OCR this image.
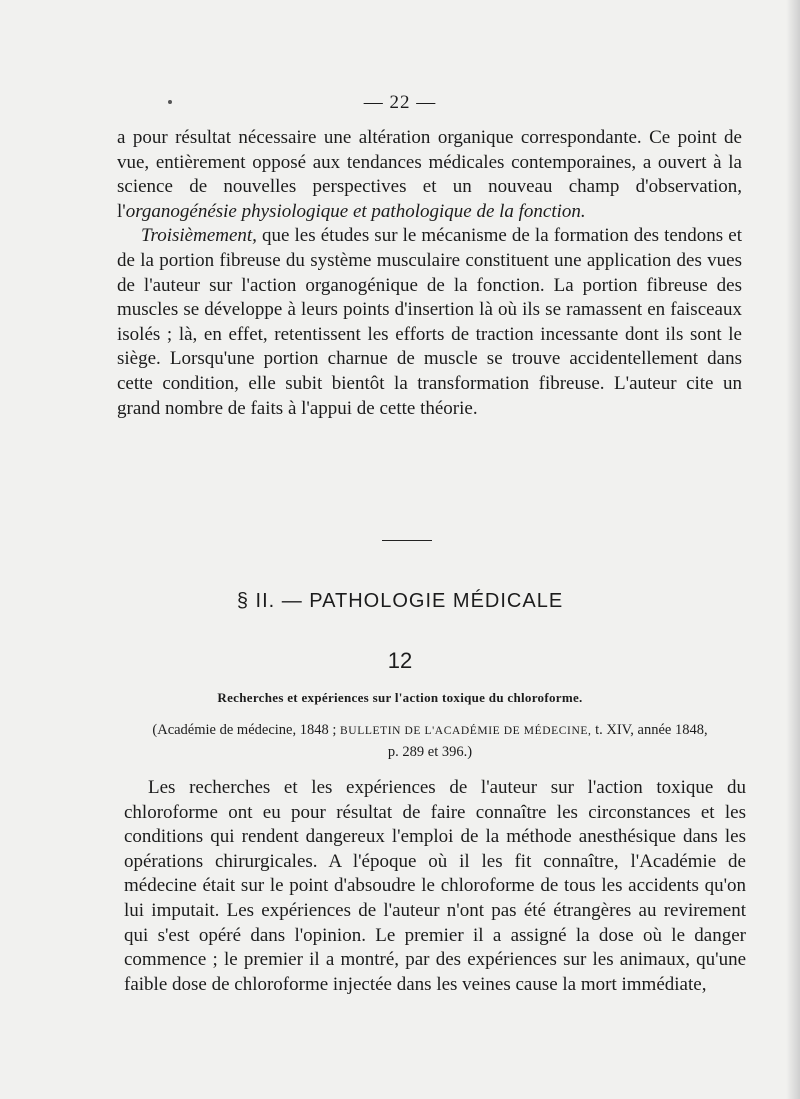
— 22 —

a pour résultat nécessaire une altération organique correspondante. Ce point de vue, entièrement opposé aux tendances médicales contemporaines, a ouvert à la science de nouvelles perspectives et un nouveau champ d'observation, l'organogénésie physiologique et pathologique de la fonction.

Troisièmement, que les études sur le mécanisme de la formation des tendons et de la portion fibreuse du système musculaire constituent une application des vues de l'auteur sur l'action organogénique de la fonction. La portion fibreuse des muscles se développe à leurs points d'insertion là où ils se ramassent en faisceaux isolés ; là, en effet, retentissent les efforts de traction incessante dont ils sont le siège. Lorsqu'une portion charnue de muscle se trouve accidentellement dans cette condition, elle subit bientôt la transformation fibreuse. L'auteur cite un grand nombre de faits à l'appui de cette théorie.

§ II. — PATHOLOGIE MÉDICALE
12
Recherches et expériences sur l'action toxique du chloroforme.
(Académie de médecine, 1848 ; BULLETIN DE L'ACADÉMIE DE MÉDECINE, t. XIV, année 1848, p. 289 et 396.)

Les recherches et les expériences de l'auteur sur l'action toxique du chloroforme ont eu pour résultat de faire connaître les circonstances et les conditions qui rendent dangereux l'emploi de la méthode anesthésique dans les opérations chirurgicales. A l'époque où il les fit connaître, l'Académie de médecine était sur le point d'absoudre le chloroforme de tous les accidents qu'on lui imputait. Les expériences de l'auteur n'ont pas été étrangères au revirement qui s'est opéré dans l'opinion. Le premier il a assigné la dose où le danger commence ; le premier il a montré, par des expériences sur les animaux, qu'une faible dose de chloroforme injectée dans les veines cause la mort immédiate,
